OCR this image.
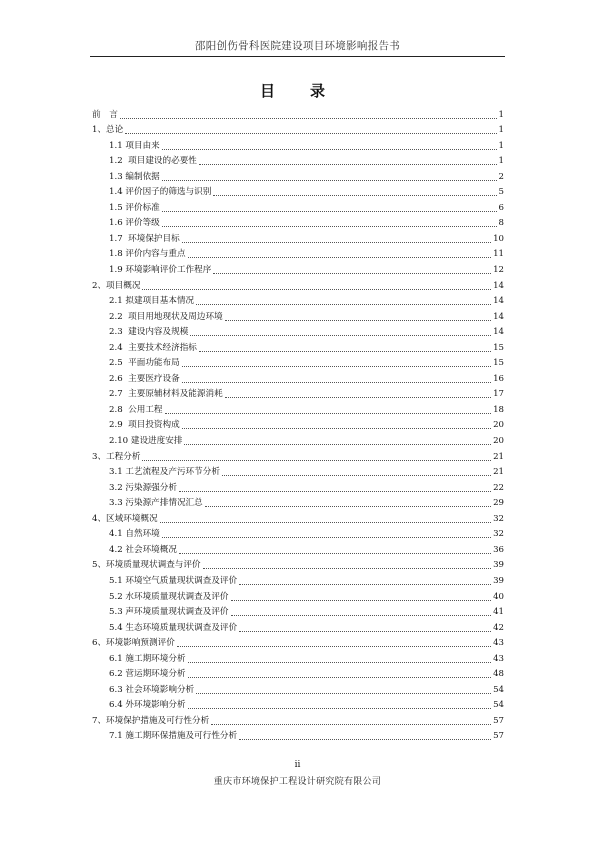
邵阳创伤骨科医院建设项目环境影响报告书
目　录
前　言	1
1、总论	1
1.1 项目由来	1
1.2  项目建设的必要性	1
1.3 编制依据	2
1.4 评价因子的筛选与识别	5
1.5 评价标准	6
1.6 评价等级	8
1.7  环境保护目标	10
1.8 评价内容与重点	11
1.9 环境影响评价工作程序	12
2、项目概况	14
2.1 拟建项目基本情况	14
2.2  项目用地现状及周边环境	14
2.3  建设内容及规模	14
2.4  主要技术经济指标	15
2.5  平面功能布局	15
2.6  主要医疗设备	16
2.7  主要原辅材料及能源消耗	17
2.8  公用工程	18
2.9  项目投资构成	20
2.10 建设进度安排	20
3、工程分析	21
3.1 工艺流程及产污环节分析	21
3.2 污染源强分析	22
3.3 污染源产排情况汇总	29
4、区域环境概况	32
4.1 自然环境	32
4.2 社会环境概况	36
5、环境质量现状调查与评价	39
5.1 环境空气质量现状调查及评价	39
5.2 水环境质量现状调查及评价	40
5.3 声环境质量现状调查及评价	41
5.4 生态环境质量现状调查及评价	42
6、环境影响预测评价	43
6.1 施工期环境分析	43
6.2 营运期环境分析	48
6.3 社会环境影响分析	54
6.4 外环境影响分析	54
7、环境保护措施及可行性分析	57
7.1 施工期环保措施及可行性分析	57
ii
重庆市环境保护工程设计研究院有限公司
